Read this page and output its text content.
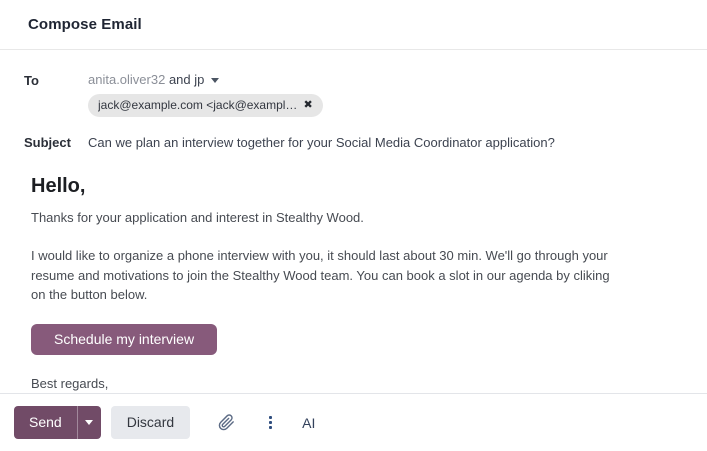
Compose Email
To	anita.oliver32 and jp
jack@example.com <jack@exampl… ✖
Subject	Can we plan an interview together for your Social Media Coordinator application?
Hello,
Thanks for your application and interest in Stealthy Wood.
I would like to organize a phone interview with you, it should last about 30 min. We'll go through your resume and motivations to join the Stealthy Wood team. You can book a slot in our agenda by cliking on the button below.
Schedule my interview
Best regards,
Send	Discard	AI
